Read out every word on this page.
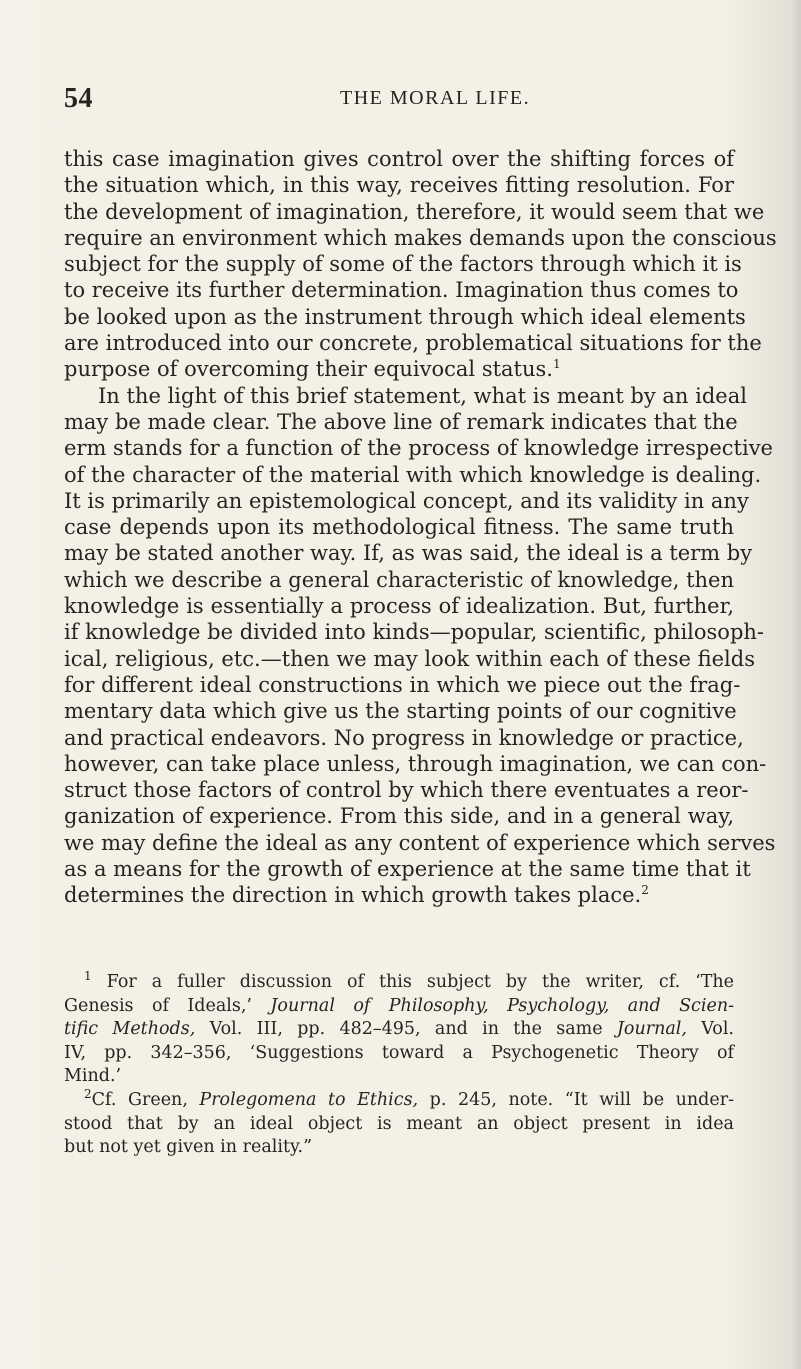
54	THE MORAL LIFE.
this case imagination gives control over the shifting forces of
the situation which, in this way, receives fitting resolution. For
the development of imagination, therefore, it would seem that we
require an environment which makes demands upon the conscious
subject for the supply of some of the factors through which it is
to receive its further determination. Imagination thus comes to
be looked upon as the instrument through which ideal elements
are introduced into our concrete, problematical situations for the
purpose of overcoming their equivocal status.$^1$
In the light of this brief statement, what is meant by an ideal
may be made clear. The above line of remark indicates that the
erm stands for a function of the process of knowledge irrespective
of the character of the material with which knowledge is dealing.
It is primarily an epistemological concept, and its validity in any
case depends upon its methodological fitness. The same truth
may be stated another way. If, as was said, the ideal is a term by
which we describe a general characteristic of knowledge, then
knowledge is essentially a process of idealization. But, further,
if knowledge be divided into kinds—popular, scientific, philosoph-
ical, religious, etc.—then we may look within each of these fields
for different ideal constructions in which we piece out the frag-
mentary data which give us the starting points of our cognitive
and practical endeavors. No progress in knowledge or practice,
however, can take place unless, through imagination, we can con-
struct those factors of control by which there eventuates a reor-
ganization of experience. From this side, and in a general way,
we may define the ideal as any content of experience which serves
as a means for the growth of experience at the same time that it
determines the direction in which growth takes place.$^2$
$^1$ For a fuller discussion of this subject by the writer, cf. ‘The
Genesis of Ideals,’ Journal of Philosophy, Psychology, and Scien-
tific Methods, Vol. III, pp. 482–495, and in the same Journal, Vol.
IV, pp. 342–356, ‘Suggestions toward a Psychogenetic Theory of
Mind.’
$^2$Cf. Green, Prolegomena to Ethics, p. 245, note. “It will be under-
stood that by an ideal object is meant an object present in idea
but not yet given in reality.”
